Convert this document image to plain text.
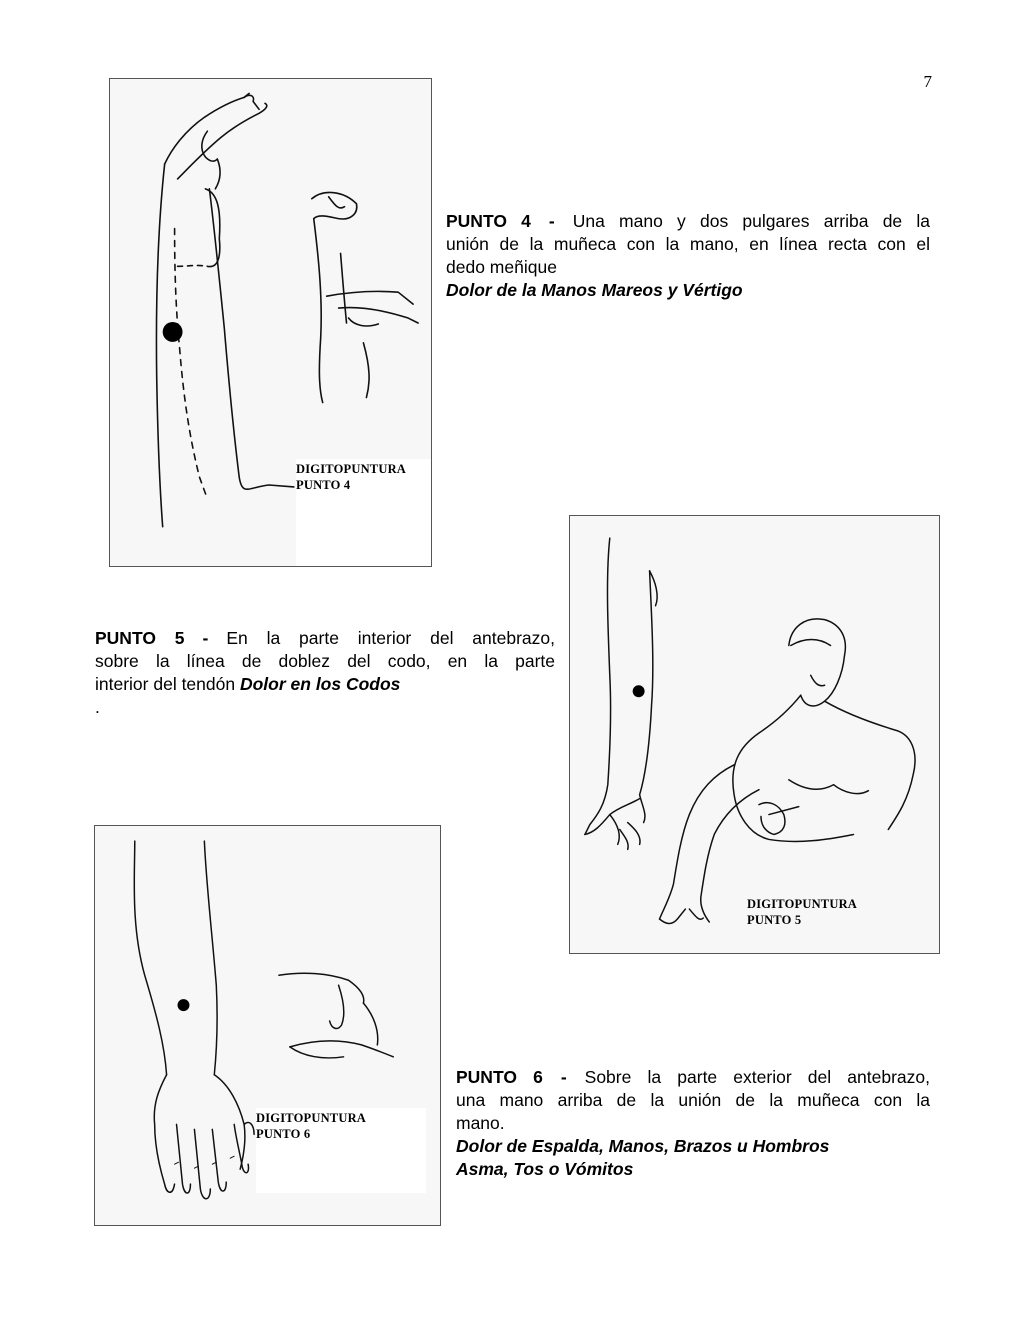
7
DIGITOPUNTURA
PUNTO 4
PUNTO 4 - Una mano y dos pulgares arriba de la
unión de la muñeca con la mano, en línea recta con el
dedo meñique
Dolor de la Manos Mareos y Vértigo
DIGITOPUNTURA
PUNTO 5
PUNTO 5 - En la parte interior del antebrazo,
sobre la línea de doblez del codo, en la parte
interior del tendón Dolor en los Codos
.
DIGITOPUNTURA
PUNTO 6
PUNTO 6 - Sobre la parte exterior del antebrazo,
una mano arriba de la unión de la muñeca con la
mano.
Dolor de Espalda, Manos, Brazos u Hombros
Asma, Tos o Vómitos
